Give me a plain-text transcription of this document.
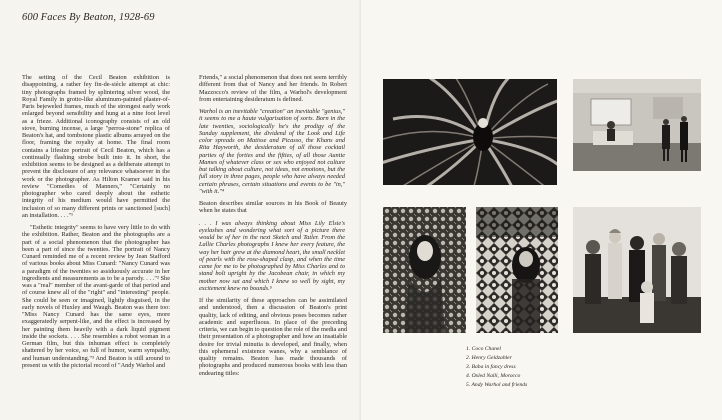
600 Faces By Beaton, 1928-69

The setting of the Cecil Beaton exhibition is disappointing, a rather fey fin-de-siècle attempt at chic: tiny photographs framed by splintering silver wood, the Royal Family in grotto-like aluminum-painted plaster-of-Paris bejeweled frames, much of the strongest early work enlarged beyond sensibility and hung at a nine foot level as a frieze. Additional iconography consists of an old stove, burning incense, a large "perroa-stone" replica of Beaton's hat, and tombstone plastic albums arrayed on the floor, framing the royalty at home. The final room contains a lifesize portrait of Cecil Beaton, which has a continually flashing strobe built into it. In short, the exhibition seems to be designed as a deliberate attempt to prevent the disclosure of any relevance whatsoever in the work or the photographer. As Hilton Kramer said in his review "Comedies of Manners," "Certainly no photographer who cared deeply about the esthetic integrity of his medium would have permitted the inclusion of so many different prints or sanctioned [such] an installation. . . ."¹

"Esthetic integrity" seems to have very little to do with the exhibition. Rather, Beaton and the photographs are a part of a social phenomenon that the photographer has been a part of since the twenties. The portrait of Nancy Cunard reminded me of a recent review by Jean Stafford of various books about Miss Cunard: "Nancy Cunard was a paradigm of the twenties so assiduously accurate in her ingredients and measurements as to be a parody. . . ."² She was a "real" member of the avant-garde of that period and of course knew all of the "right" and "interesting" people. She could be seen or imagined, lightly disguised, in the early novels of Huxley and Waugh. Beaton was there too: "Miss Nancy Cunard has the same eyes, more exaggeratedly serpent-like, and the effect is increased by her painting them heavily with a dark liquid pigment inside the sockets. . . . She resembles a robot woman in a German film, but this inhuman effect is completely shattered by her voice, so full of humor, warm sympathy, and human understanding."³ And Beaton is still around to present us with the pictorial record of "Andy Warhol and

Friends," a social phenomenon that does not seem terribly different from that of Nancy and her friends. In Robert Mazzocco's review of the film, a Warhol's development from entertaining desideratum is defined.

Warhol is an inevitable "creation" an inevitable "genius," it seems to me a haute vulgarisation of sorts. Born in the late twenties, sociologically he's the prodigy of the Sunday supplement, the dividend of the Look and Life color spreads on Matisse and Picasso, the Khans and Rita Hayworth, the desideratum of all those cocktail parties of the forties and the fifties, of all those Auntie Mames of whatever class or sex who enjoyed not culture but talking about culture, not ideas, not emotions, but the full story in three pages, people who have always needed certain phrases, certain situations and events to be "in," "with it."⁴

Beaton describes similar sources in his Book of Beauty when he states that

. . . I was always thinking about Miss Lily Elsie's eyelashes and wondering what sort of a picture there would be of her in the next Sketch and Tatler. From the Lallie Charles photographs I knew her every feature, the way her hair grew at the diamond heart, the small necklet of pearls with the rose-shaped clasp, and when the time came for me to be photographed by Miss Charles and to stand bolt upright by the Jacobean chair, in which my mother now sat and which I knew so well by sight, my excitement knew no bounds.⁵

If the similarity of these approaches can be assimilated and understood, then a discussion of Beaton's print quality, lack of editing, and obvious poses becomes rather academic and superfluous. In place of the preceding criteria, we can begin to question the role of the media and their presentation of a photographer and how an insatiable desire for trivial minutia is developed, and finally, when this ephemeral existence wanes, why a semblance of quality remains. Beaton has made thousands of photographs and produced numerous books with less than endearing titles:

1. Coco Chanel
2. Henry Geldzahler
3. Baba in fancy dress
4. Oxled Nalli, Morocco
5. Andy Warhol and friends
